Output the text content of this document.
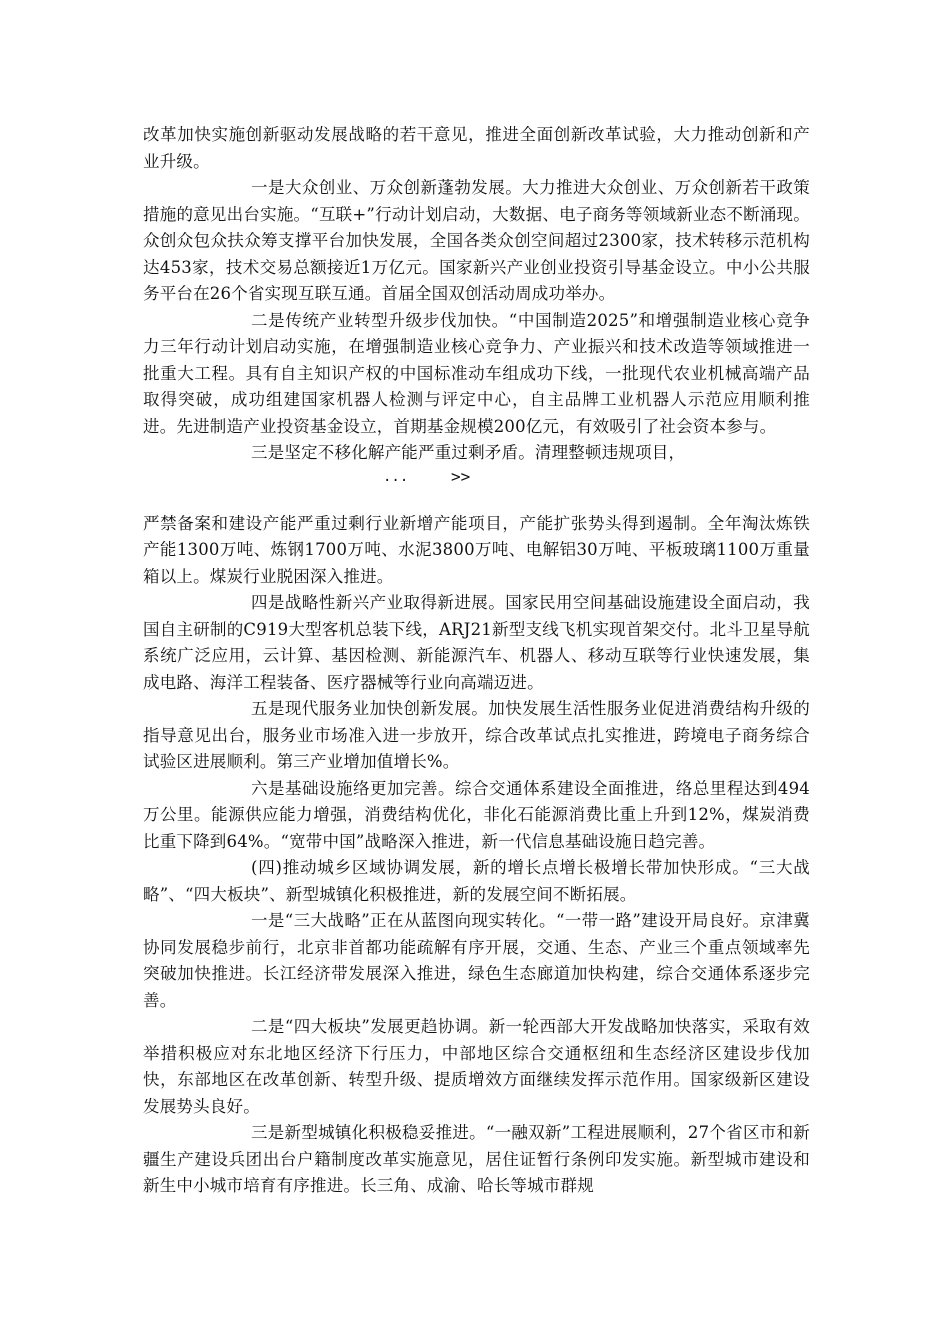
改革加快实施创新驱动发展战略的若干意见，推进全面创新改革试验，大力推动创新和产业升级。

一是大众创业、万众创新蓬勃发展。大力推进大众创业、万众创新若干政策措施的意见出台实施。“互联+”行动计划启动，大数据、电子商务等领域新业态不断涌现。众创众包众扶众筹支撑平台加快发展，全国各类众创空间超过2300家，技术转移示范机构达453家，技术交易总额接近1万亿元。国家新兴产业创业投资引导基金设立。中小公共服务平台在26个省实现互联互通。首届全国双创活动周成功举办。

二是传统产业转型升级步伐加快。“中国制造2025”和增强制造业核心竞争力三年行动计划启动实施，在增强制造业核心竞争力、产业振兴和技术改造等领域推进一批重大工程。具有自主知识产权的中国标准动车组成功下线，一批现代农业机械高端产品取得突破，成功组建国家机器人检测与评定中心，自主品牌工业机器人示范应用顺利推进。先进制造产业投资基金设立，首期基金规模200亿元，有效吸引了社会资本参与。

三是坚定不移化解产能严重过剩矛盾。清理整顿违规项目，

...	>>

严禁备案和建设产能严重过剩行业新增产能项目，产能扩张势头得到遏制。全年淘汰炼铁产能1300万吨、炼钢1700万吨、水泥3800万吨、电解铝30万吨、平板玻璃1100万重量箱以上。煤炭行业脱困深入推进。

四是战略性新兴产业取得新进展。国家民用空间基础设施建设全面启动，我国自主研制的C919大型客机总装下线，ARJ21新型支线飞机实现首架交付。北斗卫星导航系统广泛应用，云计算、基因检测、新能源汽车、机器人、移动互联等行业快速发展，集成电路、海洋工程装备、医疗器械等行业向高端迈进。

五是现代服务业加快创新发展。加快发展生活性服务业促进消费结构升级的指导意见出台，服务业市场准入进一步放开，综合改革试点扎实推进，跨境电子商务综合试验区进展顺利。第三产业增加值增长%。

六是基础设施络更加完善。综合交通体系建设全面推进，络总里程达到494万公里。能源供应能力增强，消费结构优化，非化石能源消费比重上升到12%，煤炭消费比重下降到64%。“宽带中国”战略深入推进，新一代信息基础设施日趋完善。

(四)推动城乡区域协调发展，新的增长点增长极增长带加快形成。“三大战略”、“四大板块”、新型城镇化积极推进，新的发展空间不断拓展。

一是“三大战略”正在从蓝图向现实转化。“一带一路”建设开局良好。京津冀协同发展稳步前行，北京非首都功能疏解有序开展，交通、生态、产业三个重点领域率先突破加快推进。长江经济带发展深入推进，绿色生态廊道加快构建，综合交通体系逐步完善。

二是“四大板块”发展更趋协调。新一轮西部大开发战略加快落实，采取有效举措积极应对东北地区经济下行压力，中部地区综合交通枢纽和生态经济区建设步伐加快，东部地区在改革创新、转型升级、提质增效方面继续发挥示范作用。国家级新区建设发展势头良好。

三是新型城镇化积极稳妥推进。“一融双新”工程进展顺利，27个省区市和新疆生产建设兵团出台户籍制度改革实施意见，居住证暂行条例印发实施。新型城市建设和新生中小城市培育有序推进。长三角、成渝、哈长等城市群规
